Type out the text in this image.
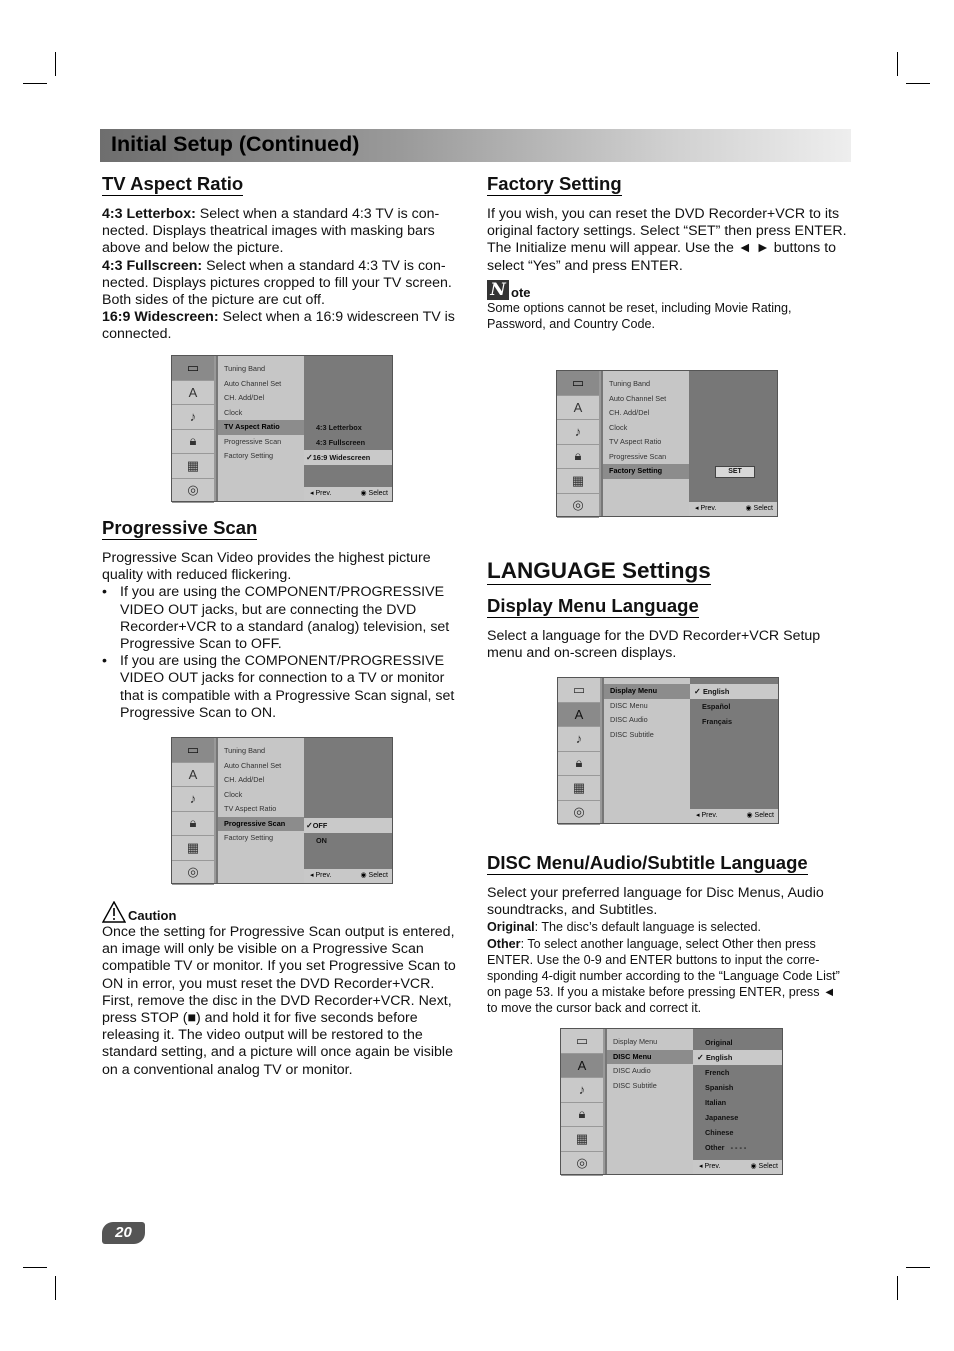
Initial Setup (Continued)
TV Aspect Ratio

4:3 Letterbox: Select when a standard 4:3 TV is con-nected. Displays theatrical images with masking bars above and below the picture.

4:3 Fullscreen: Select when a standard 4:3 TV is con-nected. Displays pictures cropped to fill your TV screen. Both sides of the picture are cut off.

16:9 Widescreen: Select when a 16:9 widescreen TV is connected.

▭
A
♪
🔒︎
▦
◎
Tuning Band
Auto Channel Set
CH. Add/Del
Clock
TV Aspect Ratio
Progressive Scan
Factory Setting
4:3 Letterbox
4:3 Fullscreen
✓16:9 Widescreen
◂ Prev.	◉ Select
Progressive Scan

Progressive Scan Video provides the highest picture quality with reduced flickering.

• If you are using the COMPONENT/PROGRESSIVE VIDEO OUT jacks, but are connecting the DVD Recorder+VCR to a standard (analog) television, set Progressive Scan to OFF.
• If you are using the COMPONENT/PROGRESSIVE VIDEO OUT jacks for connection to a TV or monitor that is compatible with a Progressive Scan signal, set Progressive Scan to ON.
▭
A
♪
🔒︎
▦
◎
Tuning Band
Auto Channel Set
CH. Add/Del
Clock
TV Aspect Ratio
Progressive Scan
Factory Setting
✓OFF
ON
◂ Prev.	◉ Select
Caution

Once the setting for Progressive Scan output is entered, an image will only be visible on a Progressive Scan compatible TV or monitor. If you set Progressive Scan to ON in error, you must reset the DVD Recorder+VCR. First, remove the disc in the DVD Recorder+VCR. Next, press STOP (■) and hold it for five seconds before releasing it. The video output will be restored to the standard setting, and a picture will once again be visible on a conventional analog TV or monitor.

Factory Setting

If you wish, you can reset the DVD Recorder+VCR to its original factory settings. Select “SET” then press ENTER.

The Initialize menu will appear. Use the ◄ ► buttons to select “Yes” and press ENTER.

N ote

Some options cannot be reset, including Movie Rating, Password, and Country Code.

▭
A
♪
🔒︎
▦
◎
Tuning Band
Auto Channel Set
CH. Add/Del
Clock
TV Aspect Ratio
Progressive Scan
Factory Setting	SET
◂ Prev.	◉ Select
LANGUAGE Settings
Display Menu Language

Select a language for the DVD Recorder+VCR Setup menu and on-screen displays.

▭
A
♪
🔒︎
▦
◎
Display Menu
DISC Menu
DISC Audio
DISC Subtitle
✓ English
Español
Français
◂ Prev.	◉ Select
DISC Menu/Audio/Subtitle Language

Select your preferred language for Disc Menus, Audio soundtracks, and Subtitles.

Original: The disc’s default language is selected.

Other: To select another language, select Other then press ENTER. Use the 0-9 and ENTER buttons to input the corre-sponding 4-digit number according to the “Language Code List” on page 53. If you a mistake before pressing ENTER, press ◄ to move the cursor back and correct it.

▭
A
♪
🔒︎
▦
◎
Display Menu
DISC Menu
DISC Audio
DISC Subtitle
Original
✓ English
French
Spanish
Italian
Japanese
Chinese
Other - - - -
◂ Prev.	◉ Select
20
